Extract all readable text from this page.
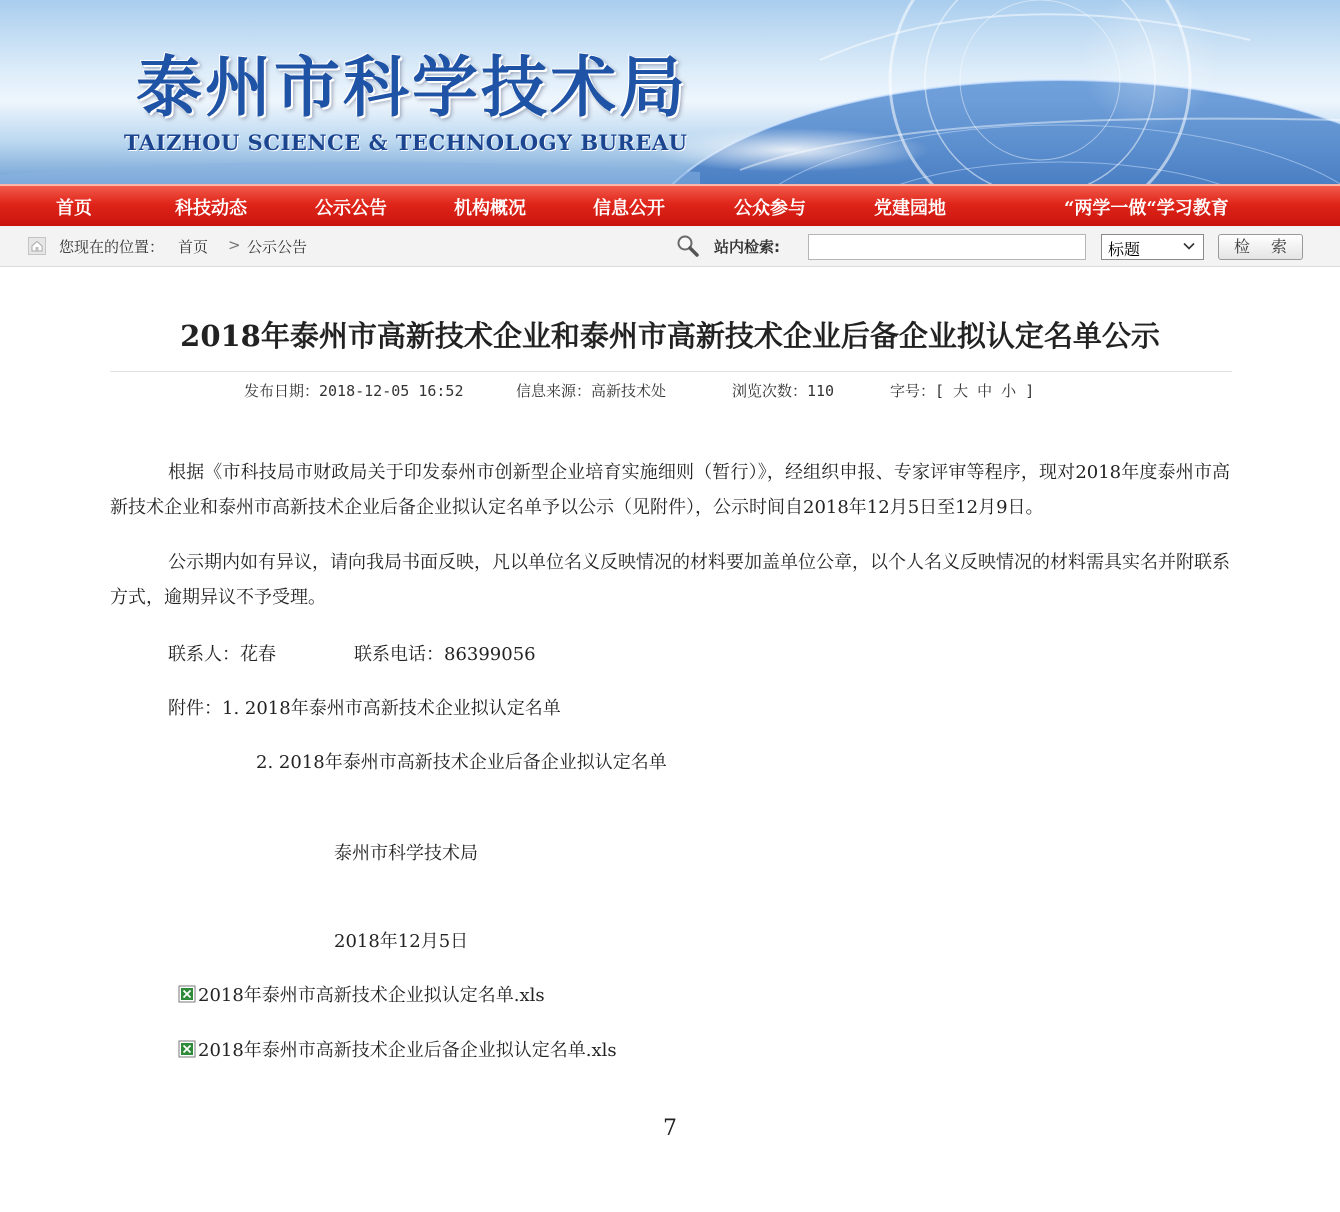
泰州市科学技术局
TAIZHOU SCIENCE & TECHNOLOGY BUREAU
首页	科技动态	公示公告	机构概况	信息公开	公众参与	党建园地	“两学一做“学习教育
您现在的位置： 首页 > 公示公告	站内检索:	标题	检 索
2018年泰州市高新技术企业和泰州市高新技术企业后备企业拟认定名单公示
发布日期：2018-12-05 16:52	信息来源：高新技术处	浏览次数：110	字号：[ 大 中 小 ]

根据《市科技局市财政局关于印发泰州市创新型企业培育实施细则（暂行）》，经组织申报、专家评审等程序，现对2018年度泰州市高新技术企业和泰州市高新技术企业后备企业拟认定名单予以公示（见附件），公示时间自2018年12月5日至12月9日。

公示期内如有异议，请向我局书面反映，凡以单位名义反映情况的材料要加盖单位公章，以个人名义反映情况的材料需具实名并附联系方式，逾期异议不予受理。

联系人：花春	联系电话：86399056
附件：1. 2018年泰州市高新技术企业拟认定名单
2. 2018年泰州市高新技术企业后备企业拟认定名单
泰州市科学技术局
2018年12月5日
2018年泰州市高新技术企业拟认定名单.xls
2018年泰州市高新技术企业后备企业拟认定名单.xls
7
